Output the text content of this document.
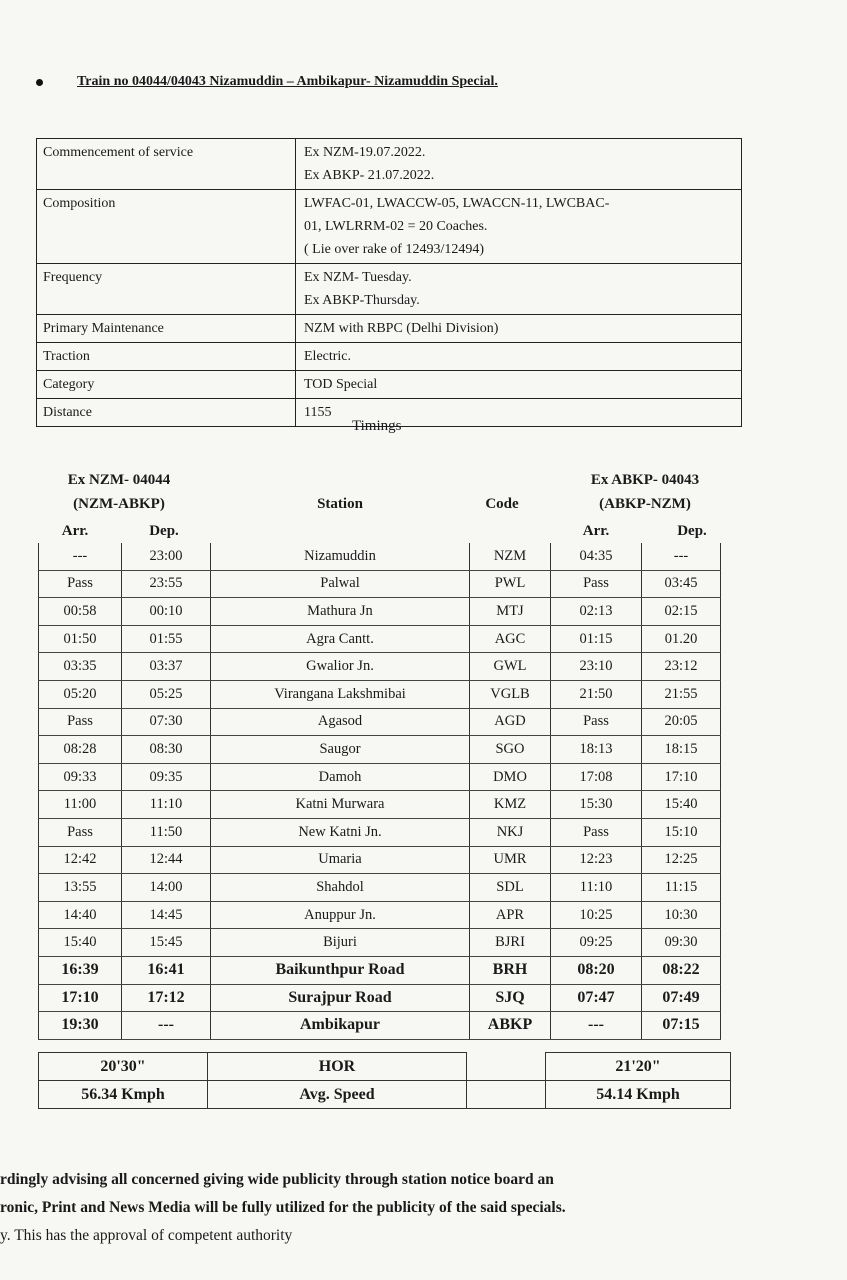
Train no 04044/04043 Nizamuddin – Ambikapur- Nizamuddin Special.
Commencement of service	Ex NZM-19.07.2022.
Ex ABKP- 21.07.2022.

Composition	LWFAC-01, LWACCW-05, LWACCN-11, LWCBAC-
01, LWLRRM-02 = 20 Coaches.
( Lie over rake of 12493/12494)

Frequency	Ex NZM- Tuesday.
Ex ABKP-Thursday.

Primary Maintenance	NZM with RBPC (Delhi Division)

Traction	Electric.

Category	TOD Special

Distance	1155
Timings
Ex NZM- 04044
(NZM-ABKP)
Arr.	Dep.
Station	Code
Ex ABKP- 04043
(ABKP-NZM)
Arr.	Dep.
---	23:00	Nizamuddin	NZM	04:35	---
Pass	23:55	Palwal	PWL	Pass	03:45
00:58	00:10	Mathura Jn	MTJ	02:13	02:15
01:50	01:55	Agra Cantt.	AGC	01:15	01.20
03:35	03:37	Gwalior Jn.	GWL	23:10	23:12
05:20	05:25	Virangana Lakshmibai	VGLB	21:50	21:55
Pass	07:30	Agasod	AGD	Pass	20:05
08:28	08:30	Saugor	SGO	18:13	18:15
09:33	09:35	Damoh	DMO	17:08	17:10
11:00	11:10	Katni Murwara	KMZ	15:30	15:40
Pass	11:50	New Katni Jn.	NKJ	Pass	15:10
12:42	12:44	Umaria	UMR	12:23	12:25
13:55	14:00	Shahdol	SDL	11:10	11:15
14:40	14:45	Anuppur Jn.	APR	10:25	10:30
15:40	15:45	Bijuri	BJRI	09:25	09:30
16:39	16:41	Baikunthpur Road	BRH	08:20	08:22
17:10	17:12	Surajpur Road	SJQ	07:47	07:49
19:30	---	Ambikapur	ABKP	---	07:15
20'30"	HOR		21'20"
56.34 Kmph	Avg. Speed		54.14 Kmph
rdingly advising all concerned giving wide publicity through station notice board an
ronic, Print and News Media will be fully utilized for the publicity of the said specials.
y. This has the approval of competent authority
